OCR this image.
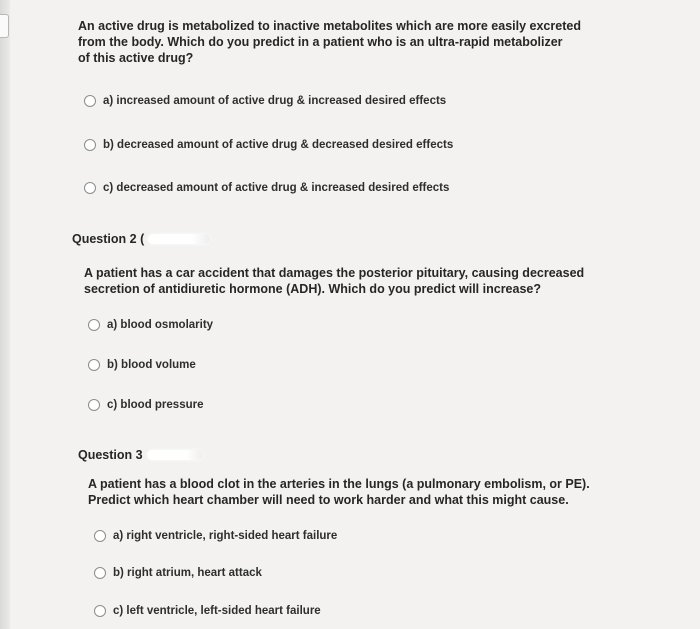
An active drug is metabolized to inactive metabolites which are more easily excreted
from the body. Which do you predict in a patient who is an ultra-rapid metabolizer
of this active drug?
a) increased amount of active drug & increased desired effects
b) decreased amount of active drug & decreased desired effects
c) decreased amount of active drug & increased desired effects
Question 2 (
A patient has a car accident that damages the posterior pituitary, causing decreased
secretion of antidiuretic hormone (ADH). Which do you predict will increase?
a) blood osmolarity
b) blood volume
c) blood pressure
Question 3
A patient has a blood clot in the arteries in the lungs (a pulmonary embolism, or PE).
Predict which heart chamber will need to work harder and what this might cause.
a) right ventricle, right-sided heart failure
b) right atrium, heart attack
c) left ventricle, left-sided heart failure
